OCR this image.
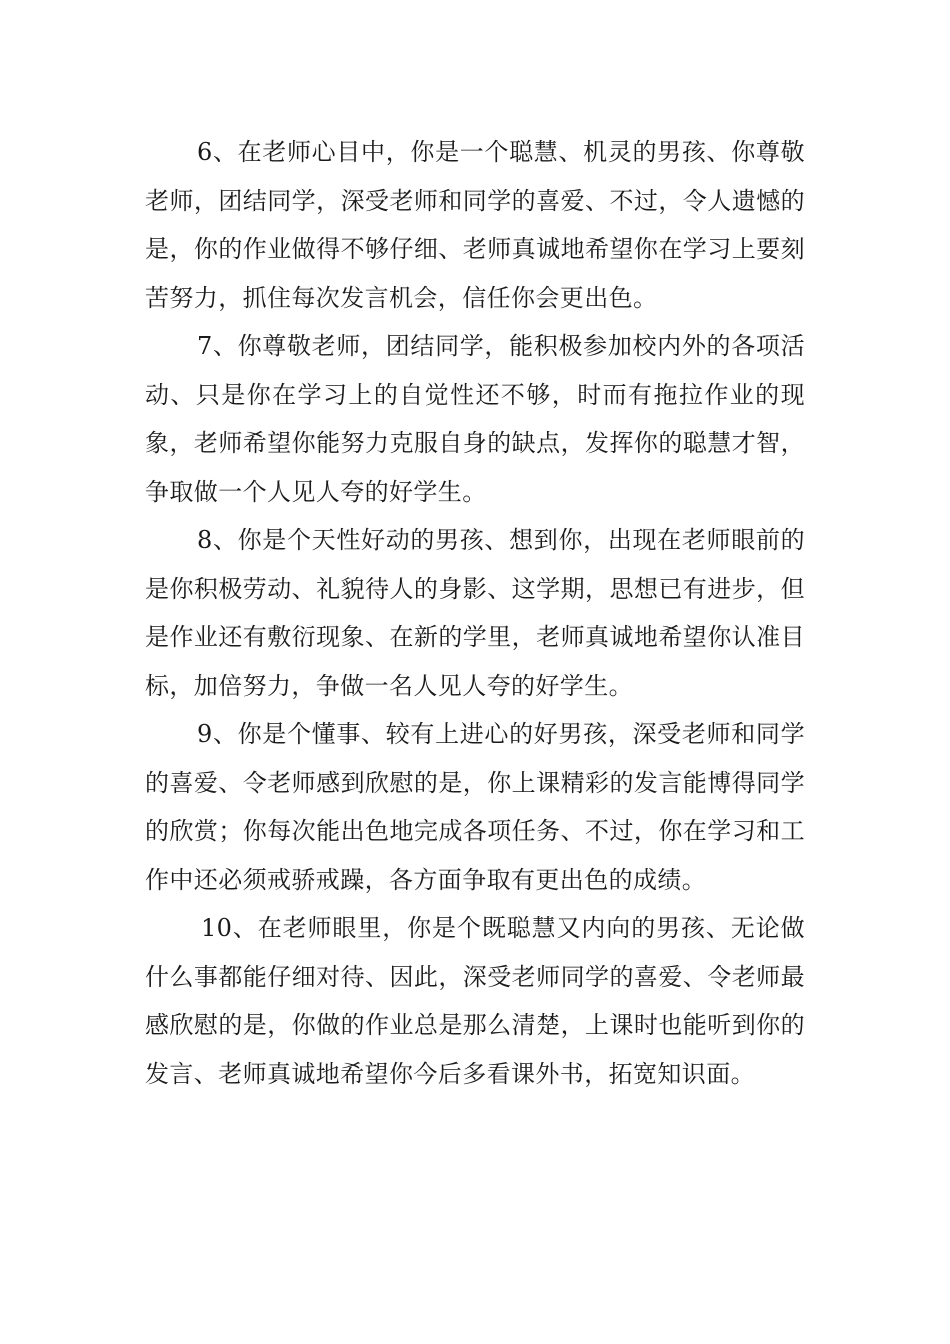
6、在老师心目中，你是一个聪慧、机灵的男孩、你尊敬老师，团结同学，深受老师和同学的喜爱、不过，令人遗憾的是，你的作业做得不够仔细、老师真诚地希望你在学习上要刻苦努力，抓住每次发言机会，信任你会更出色。

7、你尊敬老师，团结同学，能积极参加校内外的各项活动、只是你在学习上的自觉性还不够，时而有拖拉作业的现象，老师希望你能努力克服自身的缺点，发挥你的聪慧才智，争取做一个人见人夸的好学生。

8、你是个天性好动的男孩、想到你，出现在老师眼前的是你积极劳动、礼貌待人的身影、这学期，思想已有进步，但是作业还有敷衍现象、在新的学里，老师真诚地希望你认准目标，加倍努力，争做一名人见人夸的好学生。

9、你是个懂事、较有上进心的好男孩，深受老师和同学的喜爱、令老师感到欣慰的是，你上课精彩的发言能博得同学的欣赏；你每次能出色地完成各项任务、不过，你在学习和工作中还必须戒骄戒躁，各方面争取有更出色的成绩。

10、在老师眼里，你是个既聪慧又内向的男孩、无论做什么事都能仔细对待、因此，深受老师同学的喜爱、令老师最感欣慰的是，你做的作业总是那么清楚，上课时也能听到你的发言、老师真诚地希望你今后多看课外书，拓宽知识面。
